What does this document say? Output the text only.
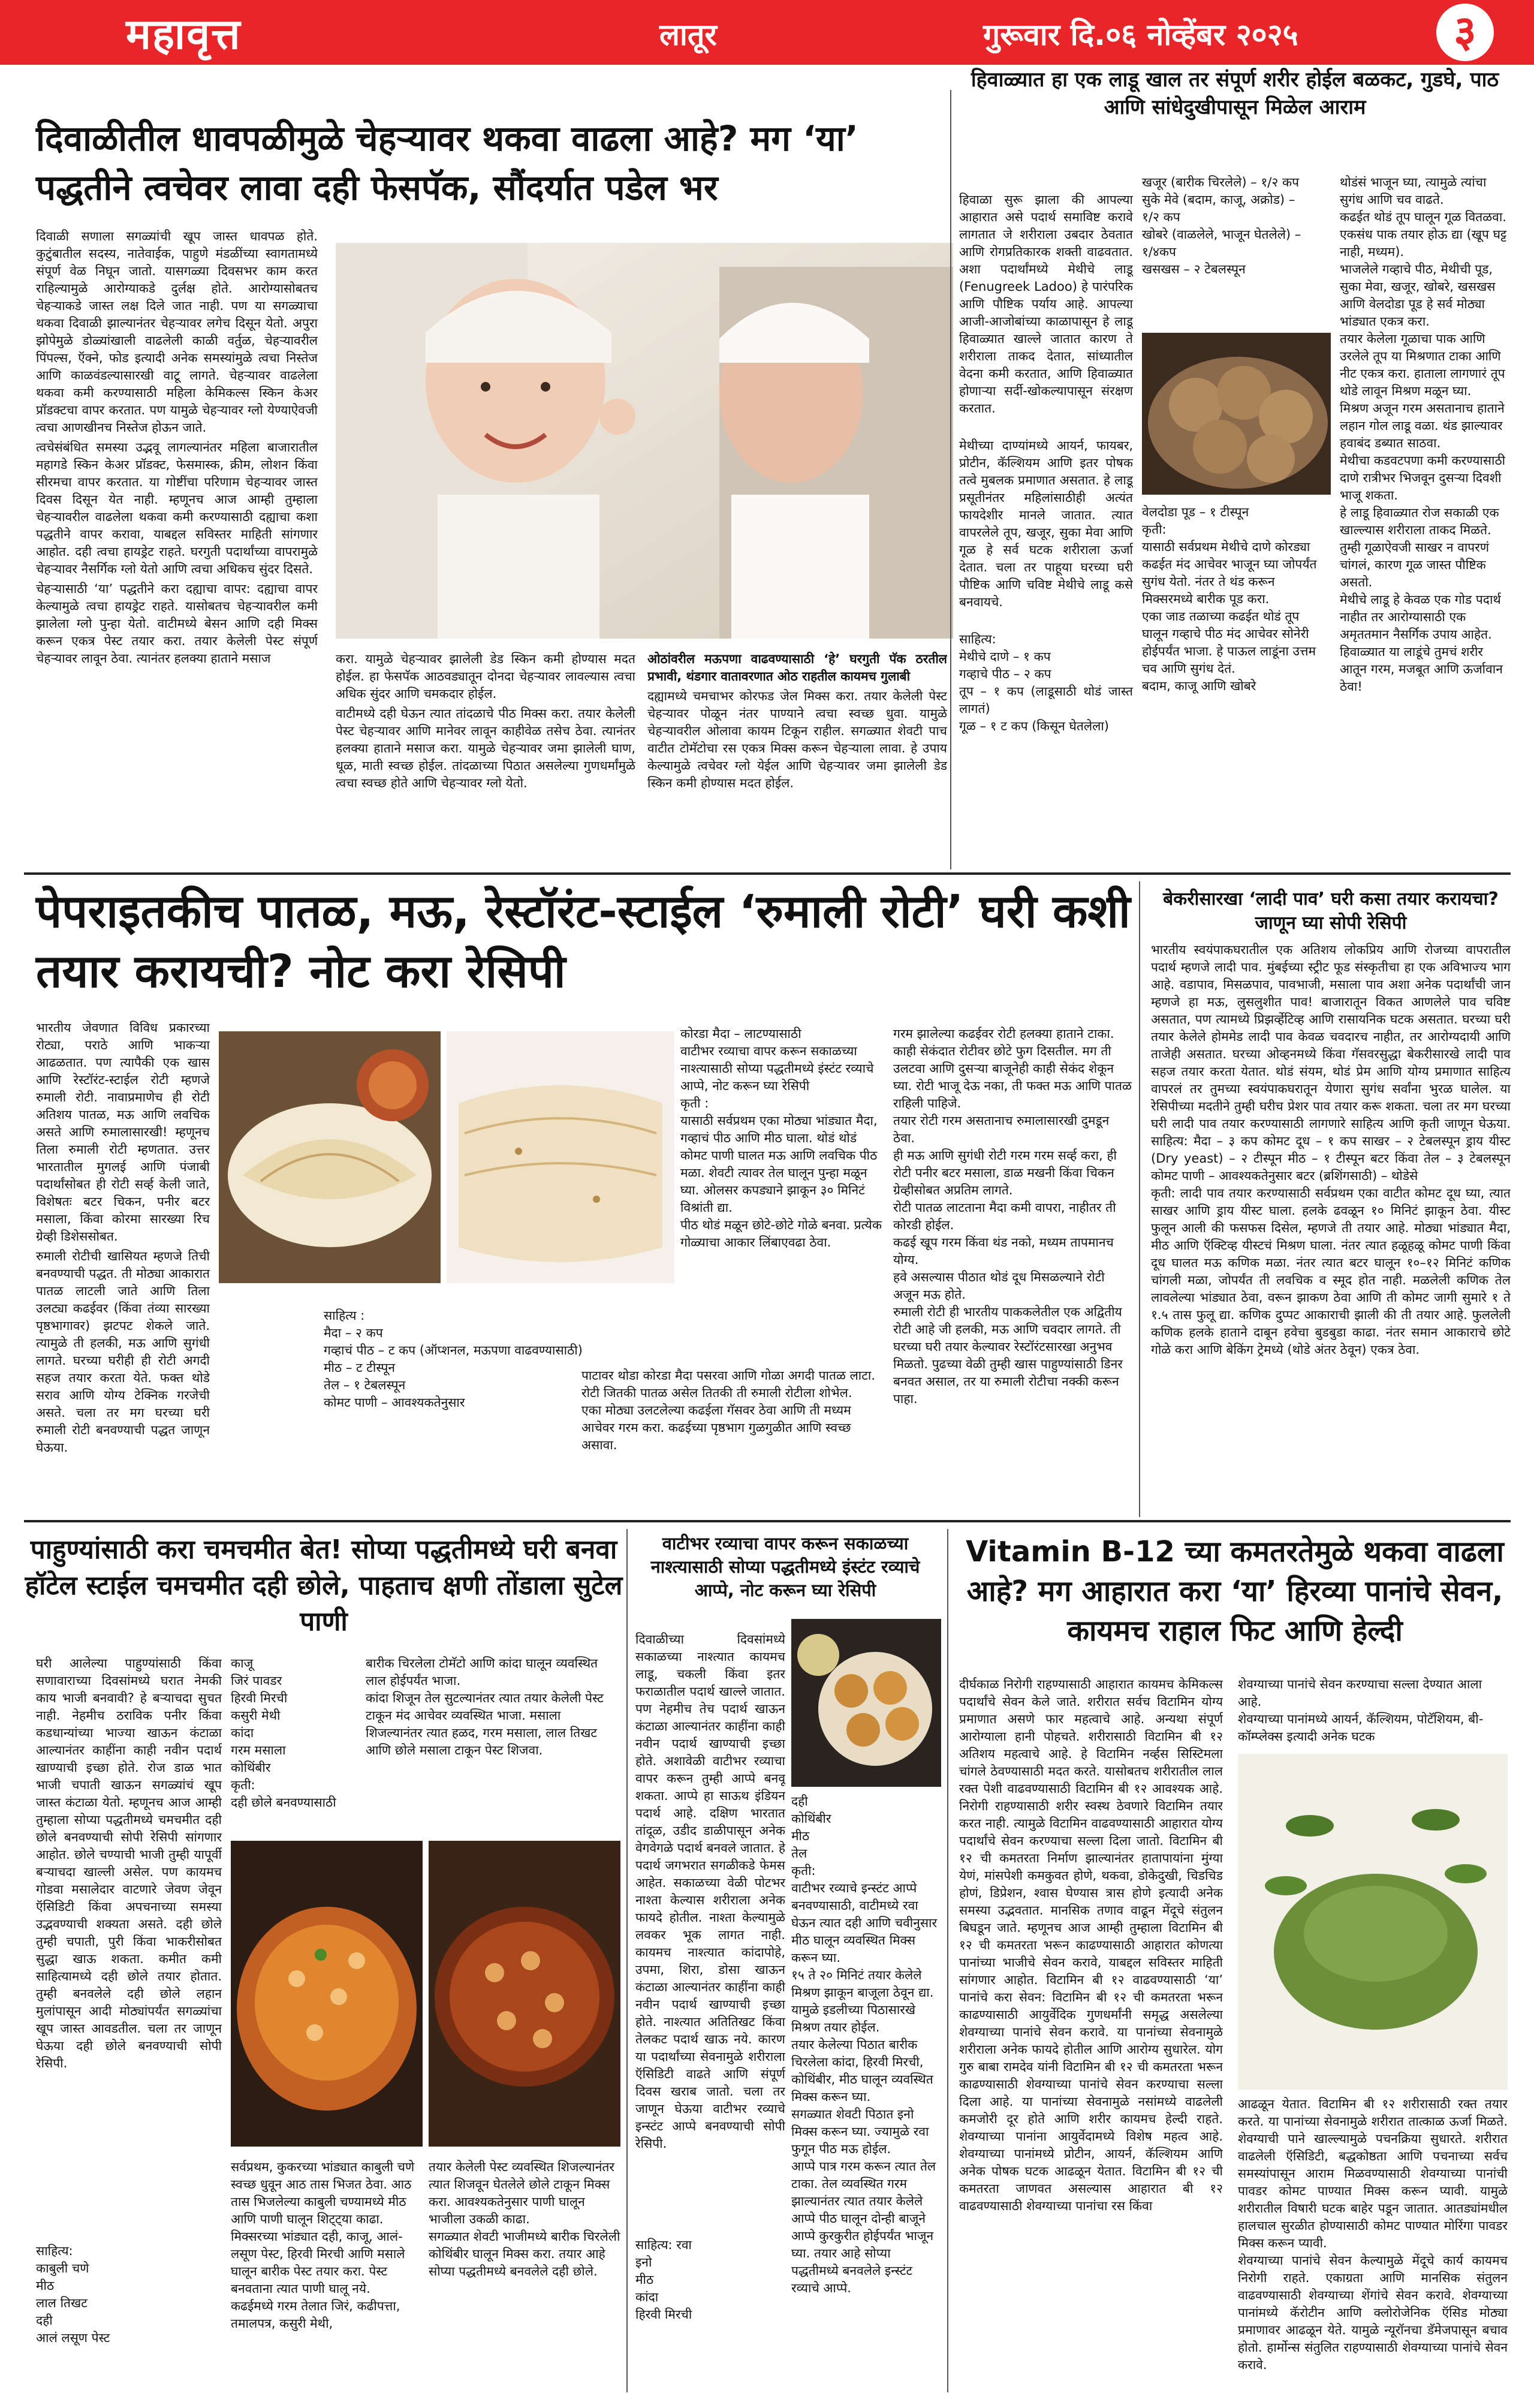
महावृत्त	लातूर	गुरूवार दि.०६ नोव्हेंबर २०२५	३
दिवाळीतील धावपळीमुळे चेहऱ्यावर थकवा वाढला आहे? मग ‘या’ पद्धतीने त्वचेवर लावा दही फेसपॅक, सौंदर्यात पडेल भर

दिवाळी सणाला सगळ्यांची खूप जास्त धावपळ होते. कुटुंबातील सदस्य, नातेवाईक, पाहुणे मंडळींच्या स्वागतामध्ये संपूर्ण वेळ निघून जातो. यासगळ्या दिवसभर काम करत राहिल्यामुळे आरोग्याकडे दुर्लक्ष होते. आरोग्यासोबतच चेहऱ्याकडे जास्त लक्ष दिले जात नाही. पण या सगळ्याचा थकवा दिवाळी झाल्यानंतर चेहऱ्यावर लगेच दिसून येतो. अपुरा झोपेमुळे डोळ्यांखाली वाढलेली काळी वर्तुळ, चेहऱ्यावरील पिंपल्स, ऍक्ने, फोड इत्यादी अनेक समस्यांमुळे त्वचा निस्तेज आणि काळवंडल्यासारखी वाटू लागते. चेहऱ्यावर वाढलेला थकवा कमी करण्यासाठी महिला केमिकल्स स्किन केअर प्रॉडक्टचा वापर करतात. पण यामुळे चेहऱ्यावर ग्लो येण्याऐवजी त्वचा आणखीनच निस्तेज होऊन जाते.

त्वचेसंबंधित समस्या उद्भवू लागल्यानंतर महिला बाजारातील महागडे स्किन केअर प्रॉडक्ट, फेसमास्क, क्रीम, लोशन किंवा सीरमचा वापर करतात. या गोष्टींचा परिणाम चेहऱ्यावर जास्त दिवस दिसून येत नाही. म्हणूनच आज आम्ही तुम्हाला चेहऱ्यावरील वाढलेला थकवा कमी करण्यासाठी दह्याचा कशा पद्धतीने वापर करावा, याबद्दल सविस्तर माहिती सांगणार आहोत. दही त्वचा हायड्रेट राहते. घरगुती पदार्थांच्या वापरामुळे चेहऱ्यावर नैसर्गिक ग्लो येतो आणि त्वचा अधिकच सुंदर दिसते.

चेहऱ्यासाठी ‘या’ पद्धतीने करा दह्याचा वापर: दह्याचा वापर केल्यामुळे त्वचा हायड्रेट राहते. यासोबतच चेहऱ्यावरील कमी झालेला ग्लो पुन्हा येतो. वाटीमध्ये बेसन आणि दही मिक्स करून एकत्र पेस्ट तयार करा. तयार केलेली पेस्ट संपूर्ण चेहऱ्यावर लावून ठेवा. त्यानंतर हलक्या हाताने मसाज	करा. यामुळे चेहऱ्यावर झालेली डेड स्किन कमी होण्यास मदत होईल. हा फेसपॅक आठवड्यातून दोनदा चेहऱ्यावर लावल्यास त्वचा अधिक सुंदर आणि चमकदार होईल.

वाटीमध्ये दही घेऊन त्यात तांदळाचे पीठ मिक्स करा. तयार केलेली पेस्ट चेहऱ्यावर आणि मानेवर लावून काहीवेळ तसेच ठेवा. त्यानंतर हलक्या हाताने मसाज करा. यामुळे चेहऱ्यावर जमा झालेली घाण, धूळ, माती स्वच्छ होईल. तांदळाच्या पिठात असलेल्या गुणधर्मांमुळे त्वचा स्वच्छ होते आणि चेहऱ्यावर ग्लो येतो.

ओठांवरील मऊपणा वाढवण्यासाठी ‘हे’ घरगुती पॅक ठरतील प्रभावी, थंडगार वातावरणात ओठ राहतील कायमच गुलाबी

दह्यामध्ये चमचाभर कोरफड जेल मिक्स करा. तयार केलेली पेस्ट चेहऱ्यावर पोळून नंतर पाण्याने त्वचा स्वच्छ धुवा. यामुळे चेहऱ्यावरील ओलावा कायम टिकून राहील. सगळ्यात शेवटी पाच वाटीत टोमॅटोचा रस एकत्र मिक्स करून चेहऱ्याला लावा. हे उपाय केल्यामुळे त्वचेवर ग्लो येईल आणि चेहऱ्यावर जमा झालेली डेड स्किन कमी होण्यास मदत होईल.

हिवाळ्यात हा एक लाडू खाल तर संपूर्ण शरीर होईल बळकट, गुडघे, पाठ आणि सांधेदुखीपासून मिळेल आराम

हिवाळा सुरू झाला की आपल्या आहारात असे पदार्थ समाविष्ट करावे लागतात जे शरीराला उबदार ठेवतात आणि रोगप्रतिकारक शक्ती वाढवतात. अशा पदार्थांमध्ये मेथीचे लाडू (Fenugreek Ladoo) हे पारंपरिक आणि पौष्टिक पर्याय आहे. आपल्या आजी-आजोबांच्या काळापासून हे लाडू हिवाळ्यात खाल्ले जातात कारण ते शरीराला ताकद देतात, सांध्यातील वेदना कमी करतात, आणि हिवाळ्यात होणाऱ्या सर्दी-खोकल्यापासून संरक्षण करतात.

मेथीच्या दाण्यांमध्ये आयर्न, फायबर, प्रोटीन, कॅल्शियम आणि इतर पोषक तत्वे मुबलक प्रमाणात असतात. हे लाडू प्रसूतीनंतर महिलांसाठीही अत्यंत फायदेशीर मानले जातात. त्यात वापरलेले तूप, खजूर, सुका मेवा आणि गूळ हे सर्व घटक शरीराला ऊर्जा देतात. चला तर पाहूया घरच्या घरी पौष्टिक आणि चविष्ट मेथीचे लाडू कसे बनवायचे.

साहित्य:
मेथीचे दाणे – १ कप
गव्हाचे पीठ – २ कप
तूप – १ कप (लाडूसाठी थोडं जास्त लागतं)
गूळ – १ ट कप (किसून घेतलेला)

खजूर (बारीक चिरलेले) – १/२ कप
सुके मेवे (बदाम, काजू, अक्रोड) – १/२ कप
खोबरे (वाळलेले, भाजून घेतलेले) – १/४कप
खसखस – २ टेबलस्पून
वेलदोडा पूड – १ टीस्पून
कृती:
यासाठी सर्वप्रथम मेथीचे दाणे कोरड्या कढईत मंद आचेवर भाजून घ्या जोपर्यंत सुगंध येतो. नंतर ते थंड करून मिक्सरमध्ये बारीक पूड करा.
एका जाड तळाच्या कढईत थोडं तूप घालून गव्हाचे पीठ मंद आचेवर सोनेरी होईपर्यंत भाजा. हे पाऊल लाडूंना उत्तम चव आणि सुगंध देतं.
बदाम, काजू आणि खोबरे
थोडंसं भाजून घ्या, त्यामुळे त्यांचा सुगंध आणि चव वाढते.
कढईत थोडं तूप घालून गूळ वितळवा. एकसंध पाक तयार होऊ द्या (खूप घट्ट नाही, मध्यम).
भाजलेले गव्हाचे पीठ, मेथीची पूड, सुका मेवा, खजूर, खोबरे, खसखस आणि वेलदोडा पूड हे सर्व मोठ्या भांड्यात एकत्र करा.
तयार केलेला गूळाचा पाक आणि उरलेले तूप या मिश्रणात टाका आणि नीट एकत्र करा. हाताला लागणारं तूप थोडे लावून मिश्रण मळून घ्या.
मिश्रण अजून गरम असतानाच हाताने लहान गोल लाडू वळा. थंड झाल्यावर हवाबंद डब्यात साठवा.
मेथीचा कडवटपणा कमी करण्यासाठी दाणे रात्रीभर भिजवून दुसऱ्या दिवशी भाजू शकता.
हे लाडू हिवाळ्यात रोज सकाळी एक खाल्ल्यास शरीराला ताकद मिळते.
तुम्ही गूळाऐवजी साखर न वापरणं चांगलं, कारण गूळ जास्त पौष्टिक असतो.
मेथीचे लाडू हे केवळ एक गोड पदार्थ नाहीत तर आरोग्यासाठी एक अमृततमान नैसर्गिक उपाय आहेत. हिवाळ्यात या लाडूंचे तुमचं शरीर आतून गरम, मजबूत आणि ऊर्जावान ठेवा!
पेपराइतकीच पातळ, मऊ, रेस्टॉरंट-स्टाईल ‘रुमाली रोटी’ घरी कशी तयार करायची? नोट करा रेसिपी

भारतीय जेवणात विविध प्रकारच्या रोट्या, पराठे आणि भाकऱ्या आढळतात. पण त्यापैकी एक खास आणि रेस्टॉरंट-स्टाईल रोटी म्हणजे रुमाली रोटी. नावाप्रमाणेच ही रोटी अतिशय पातळ, मऊ आणि लवचिक असते आणि रुमालासारखी! म्हणूनच तिला रुमाली रोटी म्हणतात. उत्तर भारतातील मुगलई आणि पंजाबी पदार्थांसोबत ही रोटी सर्व्ह केली जाते, विशेषतः बटर चिकन, पनीर बटर मसाला, किंवा कोरमा सारख्या रिच ग्रेव्ही डिशेससोबत.

रुमाली रोटीची खासियत म्हणजे तिची बनवण्याची पद्धत. ती मोठ्या आकारात पातळ लाटली जाते आणि तिला उलट्या कढईवर (किंवा तंव्या सारख्या पृष्ठभागावर) झटपट शेकले जाते. त्यामुळे ती हलकी, मऊ आणि सुगंधी लागते. घरच्या घरीही ही रोटी अगदी सहज तयार करता येते. फक्त थोडे सराव आणि योग्य टेक्निक गरजेची असते. चला तर मग घरच्या घरी रुमाली रोटी बनवण्याची पद्धत जाणून घेऊया.

साहित्य :
मैदा – २ कप
गव्हाचं पीठ – ट कप (ऑप्शनल, मऊपणा वाढवण्यासाठी)
मीठ – ट टीस्पून
तेल – १ टेबलस्पून
कोमट पाणी – आवश्यकतेनुसार
कोरडा मैदा – लाटण्यासाठी
वाटीभर रव्याचा वापर करून सकाळच्या नाश्त्यासाठी सोप्या पद्धतीमध्ये इंस्टंट रव्याचे आप्पे, नोट करून घ्या रेसिपी
कृती :
यासाठी सर्वप्रथम एका मोठ्या भांड्यात मैदा, गव्हाचं पीठ आणि मीठ घाला. थोडं थोडं कोमट पाणी घालत मऊ आणि लवचिक पीठ मळा. शेवटी त्यावर तेल घालून पुन्हा मळून घ्या. ओलसर कपड्याने झाकून ३० मिनिटं विश्रांती द्या.
पीठ थोडं मळून छोटे-छोटे गोळे बनवा. प्रत्येक गोळ्याचा आकार लिंबाएवढा ठेवा.
पाटावर थोडा कोरडा मैदा पसरवा आणि गोळा अगदी पातळ लाटा. रोटी जितकी पातळ असेल तितकी ती रुमाली रोटीला शोभेल.
एका मोठ्या उलटलेल्या कढईला गॅसवर ठेवा आणि ती मध्यम आचेवर गरम करा. कढईच्या पृष्ठभाग गुळगुळीत आणि स्वच्छ असावा.
गरम झालेल्या कढईवर रोटी हलक्या हाताने टाका. काही सेकंदात रोटीवर छोटे फुग दिसतील. मग ती उलटवा आणि दुसऱ्या बाजूनेही काही सेकंद शेकून घ्या. रोटी भाजू देऊ नका, ती फक्त मऊ आणि पातळ राहिली पाहिजे.
तयार रोटी गरम असतानाच रुमालासारखी दुमडून ठेवा.
ही मऊ आणि सुगंधी रोटी गरम गरम सर्व्ह करा, ही रोटी पनीर बटर मसाला, डाळ मखनी किंवा चिकन ग्रेव्हीसोबत अप्रतिम लागते.
रोटी पातळ लाटताना मैदा कमी वापरा, नाहीतर ती कोरडी होईल.
कढई खूप गरम किंवा थंड नको, मध्यम तापमानच योग्य.
हवे असल्यास पीठात थोडं दूध मिसळल्याने रोटी अजून मऊ होते.
रुमाली रोटी ही भारतीय पाककलेतील एक अद्वितीय रोटी आहे जी हलकी, मऊ आणि चवदार लागते. ती घरच्या घरी तयार केल्यावर रेस्टॉरंटसारखा अनुभव मिळतो. पुढच्या वेळी तुम्ही खास पाहुण्यांसाठी डिनर बनवत असाल, तर या रुमाली रोटीचा नक्की करून पाहा.
बेकरीसारखा ‘लादी पाव’ घरी कसा तयार करायचा? जाणून घ्या सोपी रेसिपी
भारतीय स्वयंपाकघरातील एक अतिशय लोकप्रिय आणि रोजच्या वापरातील पदार्थ म्हणजे लादी पाव. मुंबईच्या स्ट्रीट फूड संस्कृतीचा हा एक अविभाज्य भाग आहे. वडापाव, मिसळपाव, पावभाजी, मसाला पाव अशा अनेक पदार्थांची जान म्हणजे हा मऊ, लुसलुशीत पाव! बाजारातून विकत आणलेले पाव चविष्ट असतात, पण त्यामध्ये प्रिझर्व्हेटिव्ह आणि रासायनिक घटक असतात. घरच्या घरी तयार केलेले होममेड लादी पाव केवळ चवदारच नाहीत, तर आरोग्यदायी आणि ताजेही असतात. घरच्या ओव्हनमध्ये किंवा गॅसवरसुद्धा बेकरीसारखे लादी पाव सहज तयार करता येतात. थोडं संयम, थोडं प्रेम आणि योग्य प्रमाणात साहित्य वापरलं तर तुमच्या स्वयंपाकघरातून येणारा सुगंध सर्वांना भुरळ घालेल. या रेसिपीच्या मदतीने तुम्ही घरीच प्रेशर पाव तयार करू शकता. चला तर मग घरच्या घरी लादी पाव तयार करण्यासाठी लागणारे साहित्य आणि कृती जाणून घेऊया. साहित्य: मैदा – ३ कप कोमट दूध – १ कप साखर – २ टेबलस्पून ड्राय यीस्ट (Dry yeast) – २ टीस्पून मीठ – १ टीस्पून बटर किंवा तेल – ३ टेबलस्पून कोमट पाणी – आवश्यकतेनुसार बटर (ब्रशिंगसाठी) – थोडेसे
कृती: लादी पाव तयार करण्यासाठी सर्वप्रथम एका वाटीत कोमट दूध घ्या, त्यात साखर आणि ड्राय यीस्ट घाला. हलके ढवळून १० मिनिटं झाकून ठेवा. यीस्ट फुलून आली की फसफस दिसेल, म्हणजे ती तयार आहे. मोठ्या भांड्यात मैदा, मीठ आणि ऍक्टिव्ह यीस्टचं मिश्रण घाला. नंतर त्यात हळूहळू कोमट पाणी किंवा दूध घालत मऊ कणिक मळा. नंतर त्यात बटर घालून १०–१२ मिनिटं कणिक चांगली मळा, जोपर्यंत ती लवचिक व स्मूद होत नाही. मळलेली कणिक तेल लावलेल्या भांड्यात ठेवा, वरून झाकण ठेवा आणि ती कोमट जागी सुमारे १ ते १.५ तास फुलू द्या. कणिक दुप्पट आकाराची झाली की ती तयार आहे. फुललेली कणिक हलके हाताने दाबून हवेचा बुडबुडा काढा. नंतर समान आकाराचे छोटे गोळे करा आणि बेकिंग ट्रेमध्ये (थोडे अंतर ठेवून) एकत्र ठेवा.
पाहुण्यांसाठी करा चमचमीत बेत! सोप्या पद्धतीमध्ये घरी बनवा हॉटेल स्टाईल चमचमीत दही छोले, पाहताच क्षणी तोंडाला सुटेल पाणी

घरी आलेल्या पाहुण्यांसाठी किंवा सणावाराच्या दिवसांमध्ये घरात नेमकी काय भाजी बनवावी? हे बऱ्याचदा सुचत नाही. नेहमीच ठराविक पनीर किंवा कडधान्यांच्या भाज्या खाऊन कंटाळा आल्यानंतर काहींना काही नवीन पदार्थ खाण्याची इच्छा होते. रोज डाळ भात भाजी चपाती खाऊन सगळ्यांचं खूप जास्त कंटाळा येतो. म्हणूनच आज आम्ही तुम्हाला सोप्या पद्धतीमध्ये चमचमीत दही छोले बनवण्याची सोपी रेसिपी सांगणार आहोत. छोले चण्याची भाजी तुम्ही यापूर्वी बऱ्याचदा खाल्ली असेल. पण कायमच गोडवा मसालेदार वाटणारे जेवण जेवून ऍसिडिटी किंवा अपचनाच्या समस्या उद्भवण्याची शक्यता असते. दही छोले तुम्ही चपाती, पुरी किंवा भाकरीसोबत सुद्धा खाऊ शकता. कमीत कमी साहित्यामध्ये दही छोले तयार होतात. तुम्ही बनवलेले दही छोले लहान मुलांपासून आदी मोठ्यांपर्यंत सगळ्यांचा खूप जास्त आवडतील. चला तर जाणून घेऊया दही छोले बनवण्याची सोपी रेसिपी.

साहित्य:
काबुली चणे
मीठ
लाल तिखट
दही
आलं लसूण पेस्ट
काजू
जिरं पावडर
हिरवी मिरची
कसुरी मेथी
कांदा
गरम मसाला
कोथिंबीर
कृती:
दही छोले बनवण्यासाठी
बारीक चिरलेला टोमॅटो आणि कांदा घालून व्यवस्थित लाल होईपर्यंत भाजा.
कांदा शिजून तेल सुटल्यानंतर त्यात तयार केलेली पेस्ट टाकून मंद आचेवर व्यवस्थित भाजा. मसाला शिजल्यानंतर त्यात हळद, गरम मसाला, लाल तिखट आणि छोले मसाला टाकून पेस्ट शिजवा.
सर्वप्रथम, कुकरच्या भांड्यात काबुली चणे स्वच्छ धुवून आठ तास भिजत ठेवा. आठ तास भिजलेल्या काबुली चण्यामध्ये मीठ आणि पाणी घालून शिट्ट्या काढा.
मिक्सरच्या भांड्यात दही, काजू, आलं-लसूण पेस्ट, हिरवी मिरची आणि मसाले घालून बारीक पेस्ट तयार करा. पेस्ट बनवताना त्यात पाणी घालू नये.
कढईमध्ये गरम तेलात जिरं, कढीपत्ता, तमालपत्र, कसुरी मेथी,
तयार केलेली पेस्ट व्यवस्थित शिजल्यानंतर त्यात शिजवून घेतलेले छोले टाकून मिक्स करा. आवश्यकतेनुसार पाणी घालून भाजीला उकळी काढा.
सगळ्यात शेवटी भाजीमध्ये बारीक चिरलेली कोथिंबीर घालून मिक्स करा. तयार आहे सोप्या पद्धतीमध्ये बनवलेले दही छोले.
वाटीभर रव्याचा वापर करून सकाळच्या नाश्त्यासाठी सोप्या पद्धतीमध्ये इंस्टंट रव्याचे आप्पे, नोट करून घ्या रेसिपी

दिवाळीच्या दिवसांमध्ये सकाळच्या नाश्त्यात कायमच लाडू, चकली किंवा इतर फराळातील पदार्थ खाल्ले जातात. पण नेहमीच तेच पदार्थ खाऊन कंटाळा आल्यानंतर काहींना काही नवीन पदार्थ खाण्याची इच्छा होते. अशावेळी वाटीभर रव्याचा वापर करून तुम्ही आप्पे बनवू शकता. आप्पे हा साऊथ इंडियन पदार्थ आहे. दक्षिण भारतात तांदूळ, उडीद डाळीपासून अनेक वेगवेगळे पदार्थ बनवले जातात. हे पदार्थ जगभरात सगळीकडे फेमस आहेत. सकाळच्या वेळी पोटभर नाश्ता केल्यास शरीराला अनेक फायदे होतील. नाश्ता केल्यामुळे लवकर भूक लागत नाही. कायमच नाश्त्यात कांदापोहे, उपमा, शिरा, डोसा खाऊन कंटाळा आल्यानंतर काहींना काही नवीन पदार्थ खाण्याची इच्छा होते. नाश्त्यात अतितिखट किंवा तेलकट पदार्थ खाऊ नये. कारण या पदार्थांच्या सेवनामुळे शरीराला ऍसिडिटी वाढते आणि संपूर्ण दिवस खराब जातो. चला तर जाणून घेऊया वाटीभर रव्याचे इन्स्टंट आप्पे बनवण्याची सोपी रेसिपी.

साहित्य: रवा
इनो
मीठ
कांदा
हिरवी मिरची
दही
कोथिंबीर
मीठ
तेल
कृती:
वाटीभर रव्याचे इन्स्टंट आप्पे बनवण्यासाठी, वाटीमध्ये रवा घेऊन त्यात दही आणि चवीनुसार मीठ घालून व्यवस्थित मिक्स करून घ्या.
१५ ते २० मिनिटं तयार केलेले मिश्रण झाकून बाजूला ठेवून द्या. यामुळे इडलीच्या पिठासारखे मिश्रण तयार होईल.
तयार केलेल्या पिठात बारीक चिरलेला कांदा, हिरवी मिरची, कोथिंबीर, मीठ घालून व्यवस्थित मिक्स करून घ्या.
सगळ्यात शेवटी पिठात इनो मिक्स करून घ्या. ज्यामुळे रवा फुगून पीठ मऊ होईल.
आप्पे पात्र गरम करून त्यात तेल टाका. तेल व्यवस्थित गरम झाल्यानंतर त्यात तयार केलेले आप्पे पीठ घालून दोन्ही बाजूने आप्पे कुरकुरीत होईपर्यंत भाजून घ्या. तयार आहे सोप्या पद्धतीमध्ये बनवलेले इन्स्टंट रव्याचे आप्पे.
Vitamin B-12 च्या कमतरतेमुळे थकवा वाढला आहे? मग आहारात करा ‘या’ हिरव्या पानांचे सेवन, कायमच राहाल फिट आणि हेल्दी

दीर्घकाळ निरोगी राहण्यासाठी आहारात कायमच केमिकल्स पदार्थांचे सेवन केले जाते. शरीरात सर्वच विटामिन योग्य प्रमाणात असणे फार महत्वाचे आहे. अन्यथा संपूर्ण आरोग्याला हानी पोहचते. शरीरासाठी विटामिन बी १२ अतिशय महत्वाचे आहे. हे विटामिन नर्व्हस सिस्टिमला चांगले ठेवण्यासाठी मदत करते. यासोबतच शरीरातील लाल रक्त पेशी वाढवण्यासाठी विटामिन बी १२ आवश्यक आहे. निरोगी राहण्यासाठी शरीर स्वस्थ ठेवणारे विटामिन तयार करत नाही. त्यामुळे विटामिन वाढवण्यासाठी आहारात योग्य पदार्थांचे सेवन करण्याचा सल्ला दिला जातो. विटामिन बी १२ ची कमतरता निर्माण झाल्यानंतर हातापायांना मुंग्या येणं, मांसपेशी कमकुवत होणे, थकवा, डोकेदुखी, चिडचिड होणं, डिप्रेशन, श्वास घेण्यास त्रास होणे इत्यादी अनेक समस्या उद्भवतात. मानसिक तणाव वाढून मेंदूचे संतुलन बिघडून जाते. म्हणूनच आज आम्ही तुम्हाला विटामिन बी १२ ची कमतरता भरून काढण्यासाठी आहारात कोणत्या पानांच्या भाजीचे सेवन करावे, याबद्दल सविस्तर माहिती सांगणार आहोत. विटामिन बी १२ वाढवण्यासाठी ‘या’ पानांचे करा सेवन: विटामिन बी १२ ची कमतरता भरून काढण्यासाठी आयुर्वेदिक गुणधर्मांनी समृद्ध असलेल्या शेवग्याच्या पानांचे सेवन करावे. या पानांच्या सेवनामुळे शरीराला अनेक फायदे होतील आणि आरोग्य सुधारेल. योग गुरु बाबा रामदेव यांनी विटामिन बी १२ ची कमतरता भरून काढण्यासाठी शेवग्याच्या पानांचे सेवन करण्याचा सल्ला दिला आहे. या पानांच्या सेवनामुळे नसांमध्ये वाढलेली कमजोरी दूर होते आणि शरीर कायमच हेल्दी राहते. शेवग्याच्या पानांना आयुर्वेदामध्ये विशेष महत्व आहे. शेवग्याच्या पानांमध्ये प्रोटीन, आयर्न, कॅल्शियम आणि अनेक पोषक घटक आढळून येतात. विटामिन बी १२ ची कमतरता जाणवत असल्यास आहारात बी १२ वाढवण्यासाठी शेवग्याच्या पानांचा रस किंवा

शेवग्याच्या पानांचे सेवन करण्याचा सल्ला देण्यात आला आहे.
शेवग्याच्या पानांमध्ये आयर्न, कॅल्शियम, पोटॅशियम, बी- कॉम्प्लेक्स इत्यादी अनेक घटक
आढळून येतात. विटामिन बी १२ शरीरासाठी रक्त तयार करते. या पानांच्या सेवनामुळे शरीरात तात्काळ ऊर्जा मिळते. शेवग्याची पाने खाल्ल्यामुळे पचनक्रिया सुधारते. शरीरात वाढलेली ऍसिडिटी, बद्धकोष्ठता आणि पचनाच्या सर्वच समस्यांपासून आराम मिळवण्यासाठी शेवग्याच्या पानांची पावडर कोमट पाण्यात मिक्स करून प्यावी. यामुळे शरीरातील विषारी घटक बाहेर पडून जातात. आतड्यांमधील हालचाल सुरळीत होण्यासाठी कोमट पाण्यात मोरिंगा पावडर मिक्स करून प्यावी.
शेवग्याच्या पानांचे सेवन केल्यामुळे मेंदूचे कार्य कायमच निरोगी राहते. एकाग्रता आणि मानसिक संतुलन वाढवण्यासाठी शेवग्याच्या शेंगांचे सेवन करावे. शेवग्याच्या पानांमध्ये कॅरोटीन आणि क्लोरोजेनिक ऍसिड मोठ्या प्रमाणावर आढळून येते. यामुळे न्यूरॉनचा डॅमेजपासून बचाव होतो. हार्मोन्स संतुलित राहण्यासाठी शेवग्याच्या पानांचे सेवन करावे.
